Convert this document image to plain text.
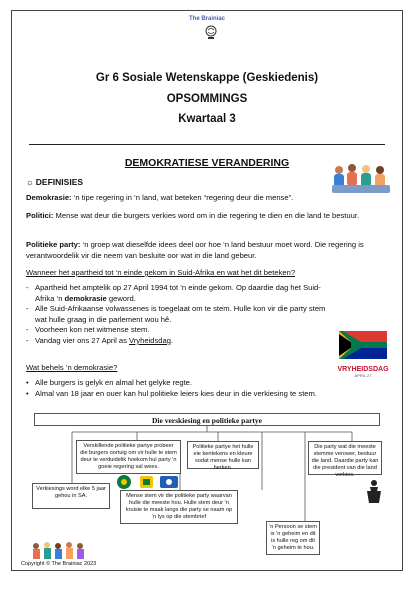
The Brainiac
Gr 6 Sosiale Wetenskappe (Geskiedenis)
OPSOMMINGS
Kwartaal 3
DEMOKRATIESE VERANDERING
☼ DEFINISIES

Demokrasie: ‘n tipe regering in ‘n land, wat beteken “regering deur die mense”.

Politici: Mense wat deur die burgers verkies word om in die regering te dien en die land te bestuur.

Politieke party: ‘n groep wat dieselfde idees deel oor hoe ‘n land bestuur moet word. Die regering is verantwoordelik vir die neem van besluite oor wat in die land gebeur.

Wanneer het apartheid tot ‘n einde gekom in Suid-Afrika en wat het dit beteken?
- Apartheid het amptelik op 27 April 1994 tot ‘n einde gekom. Op daardie dag het Suid-Afrika ‘n demokrasie geword.
- Alle Suid-Afrikaanse volwassenes is toegelaat om te stem. Hulle kon vir die party stem wat hulle graag in die parlement wou hê.
- Voorheen kon net witmense stem.
- Vandag vier ons 27 April as Vryheidsdag.
VRYHEIDSDAG
APRIL 27
Wat behels ‘n demokrasie?
• Alle burgers is gelyk en almal het gelyke regte.
• Almal van 18 jaar en ouer kan hul politieke leiers kies deur in die verkiesing te stem.
Die verskiesing en politieke partye
Verskillende politieke partye probeer die burgers oortuig om vir hulle te stem deur te verduidelik hoekom hul party ‘n goeie regering sal wees.
Politieke partye het hulle eie kentekens en kleure sodat mense hulle kan herken.
Die party wat die meeste stemme verower, bestuur die land. Daardie party kan die president van die land verkies.
Verkiesings word elke 5 jaar gehou in SA.	Mense stem vir die politieke party waarvan hulle die meeste hou. Hulle stem deur ‘n kruisie te maak langs die party se naam op ‘n lys op die stembrief
‘n Persoon se stem is ‘n geheim en dit is hulle reg om dit ‘n geheim te hou.
Copyright © The Brainiac 2023
